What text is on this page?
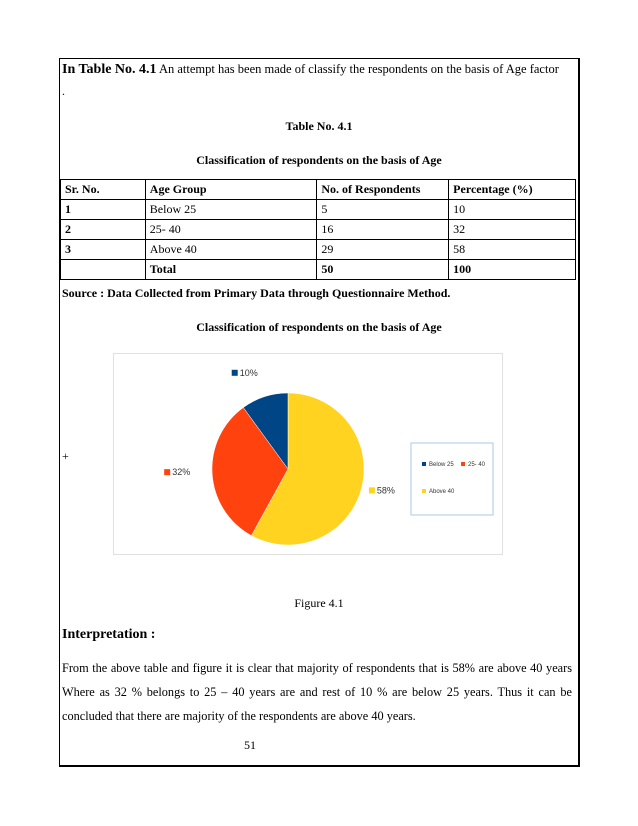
In Table No. 4.1 An attempt has been made of classify the respondents on the basis of Age factor
.
Table No. 4.1
Classification of respondents on the basis of Age
Sr. No.	Age Group	No. of Respondents	Percentage (%)
1	Below 25	5	10
2	25- 40	16	32
3	Above 40	29	58
	Total	50	100
Source : Data Collected from Primary Data through Questionnaire Method.
Classification of respondents on the basis of Age
+
58%
32%
10%
Below 25 25- 40
Above 40
Figure 4.1
Interpretation :
From the above table and figure it is clear that majority of respondents that is 58% are above 40 years Where as 32 % belongs to 25 – 40 years are and rest of 10 % are below 25 years. Thus it can be concluded that there are majority of the respondents are above 40 years.
51
